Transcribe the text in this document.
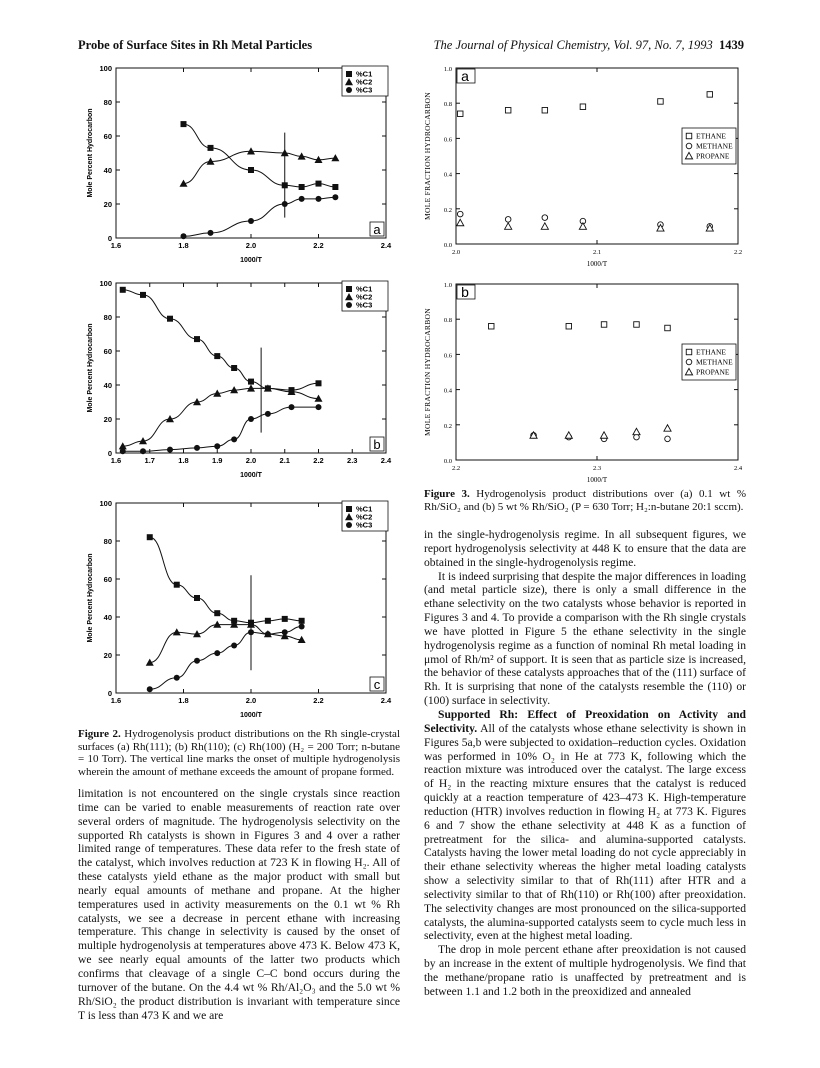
Probe of Surface Sites in Rh Metal Particles	The Journal of Physical Chemistry, Vol. 97, No. 7, 1993 1439
0
20
40
60
80
100
1.6	1.8	2.0	2.2	2.4
1000/T
Mole Percent Hydrocarbon
a
%C1
%C2
%C3
0
20
40
60
80
100
1.6	1.7	1.8	1.9	2.0	2.1	2.2	2.3	2.4
1000/T
Mole Percent Hydrocarbon
b
%C1
%C2
%C3
0
20
40
60
80
100
1.6	1.8	2.0	2.2	2.4
1000/T
Mole Percent Hydrocarbon
c
%C1
%C2
%C3
Figure 2. Hydrogenolysis product distributions on the Rh single-crystal surfaces (a) Rh(111); (b) Rh(110); (c) Rh(100) (H₂ = 200 Torr; n-butane = 10 Torr). The vertical line marks the onset of multiple hydrogenolysis wherein the amount of methane exceeds the amount of propane formed.

limitation is not encountered on the single crystals since reaction time can be varied to enable measurements of reaction rate over several orders of magnitude. The hydrogenolysis selectivity on the supported Rh catalysts is shown in Figures 3 and 4 over a rather limited range of temperatures. These data refer to the fresh state of the catalyst, which involves reduction at 723 K in flowing H₂. All of these catalysts yield ethane as the major product with small but nearly equal amounts of methane and propane. At the higher temperatures used in activity measurements on the 0.1 wt % Rh catalysts, we see a decrease in percent ethane with increasing temperature. This change in selectivity is caused by the onset of multiple hydrogenolysis at temperatures above 473 K. Below 473 K, we see nearly equal amounts of the latter two products which confirms that cleavage of a single C–C bond occurs during the turnover of the butane. On the 4.4 wt % Rh/Al₂O₃ and the 5.0 wt % Rh/SiO₂ the product distribution is invariant with temperature since T is less than 473 K and we are

0.0
0.2
0.4
0.6
0.8
1.0
2.0	2.1	2.2
1000/T
MOLE FRACTION HYDROCARBON
a
ETHANE
METHANE
PROPANE
0.0
0.2
0.4
0.6
0.8
1.0
2.2	2.3	2.4
1000/T
MOLE FRACTION HYDROCARBON
b
ETHANE
METHANE
PROPANE
Figure 3. Hydrogenolysis product distributions over (a) 0.1 wt % Rh/SiO₂ and (b) 5 wt % Rh/SiO₂ (P = 630 Torr; H₂:n-butane 20:1 sccm).

in the single-hydrogenolysis regime. In all subsequent figures, we report hydrogenolysis selectivity at 448 K to ensure that the data are obtained in the single-hydrogenolysis regime.

It is indeed surprising that despite the major differences in loading (and metal particle size), there is only a small difference in the ethane selectivity on the two catalysts whose behavior is reported in Figures 3 and 4. To provide a comparison with the Rh single crystals we have plotted in Figure 5 the ethane selectivity in the single hydrogenolysis regime as a function of nominal Rh metal loading in μmol of Rh/m² of support. It is seen that as particle size is increased, the behavior of these catalysts approaches that of the (111) surface of Rh. It is surprising that none of the catalysts resemble the (110) or (100) surface in selectivity.

Supported Rh: Effect of Preoxidation on Activity and Selectivity. All of the catalysts whose ethane selectivity is shown in Figures 5a,b were subjected to oxidation–reduction cycles. Oxidation was performed in 10% O₂ in He at 773 K, following which the reaction mixture was introduced over the catalyst. The large excess of H₂ in the reacting mixture ensures that the catalyst is reduced quickly at a reaction temperature of 423–473 K. High-temperature reduction (HTR) involves reduction in flowing H₂ at 773 K. Figures 6 and 7 show the ethane selectivity at 448 K as a function of pretreatment for the silica- and alumina-supported catalysts. Catalysts having the lower metal loading do not cycle appreciably in their ethane selectivity whereas the higher metal loading catalysts show a selectivity similar to that of Rh(111) after HTR and a selectivity similar to that of Rh(110) or Rh(100) after preoxidation. The selectivity changes are most pronounced on the silica-supported catalysts, the alumina-supported catalysts seem to cycle much less in selectivity, even at the highest metal loading.

The drop in mole percent ethane after preoxidation is not caused by an increase in the extent of multiple hydrogenolysis. We find that the methane/propane ratio is unaffected by pretreatment and is between 1.1 and 1.2 both in the preoxidized and annealed
